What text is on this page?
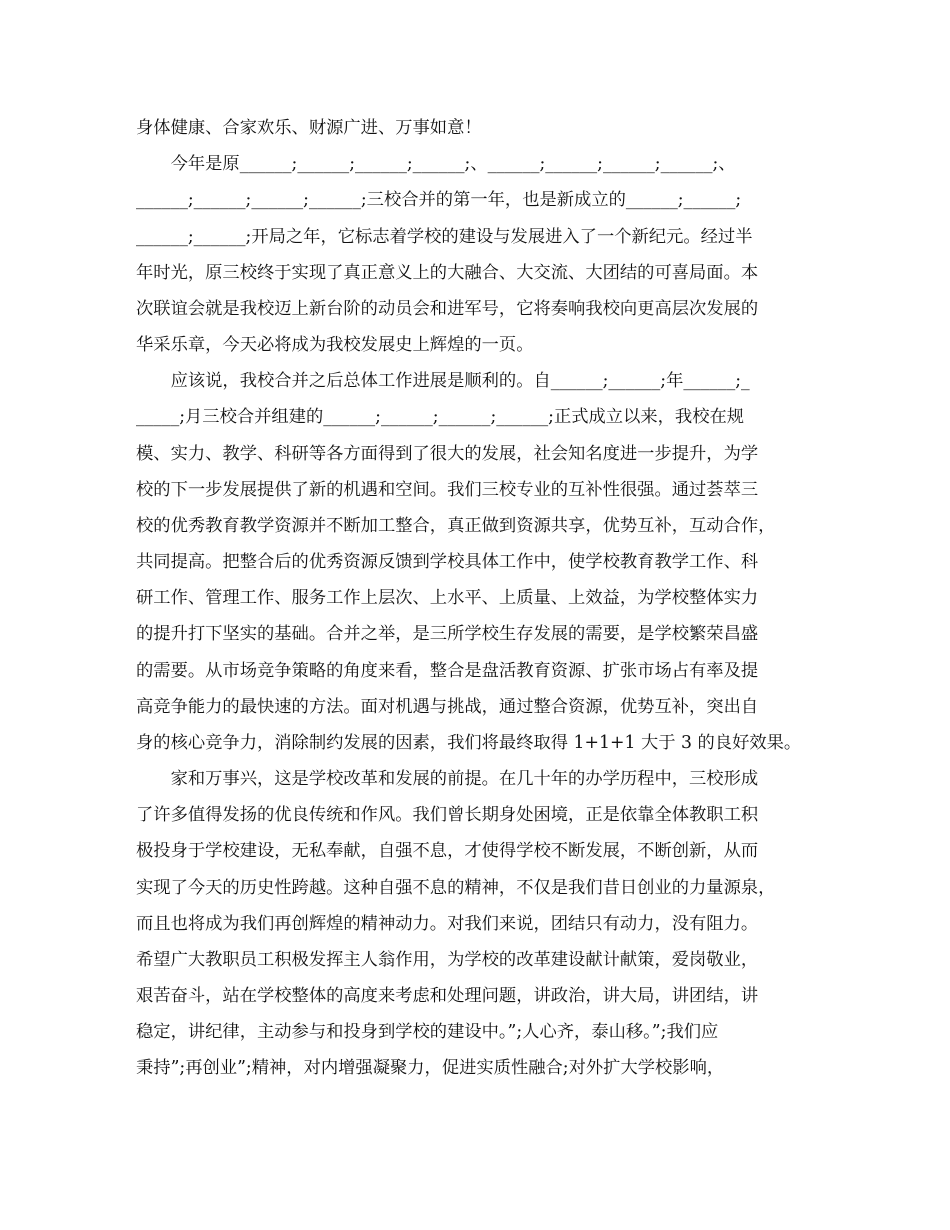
身体健康、合家欢乐、财源广进、万事如意！
　　今年是原______;______;______;______;、______;______;______;______;、
______;______;______;______;三校合并的第一年，也是新成立的______;______;
______;______;开局之年，它标志着学校的建设与发展进入了一个新纪元。经过半
年时光，原三校终于实现了真正意义上的大融合、大交流、大团结的可喜局面。本
次联谊会就是我校迈上新台阶的动员会和进军号，它将奏响我校向更高层次发展的
华采乐章，今天必将成为我校发展史上辉煌的一页。
　　应该说，我校合并之后总体工作进展是顺利的。自______;______;年______;_
_____;月三校合并组建的______;______;______;______;正式成立以来，我校在规
模、实力、教学、科研等各方面得到了很大的发展，社会知名度进一步提升，为学
校的下一步发展提供了新的机遇和空间。我们三校专业的互补性很强。通过荟萃三
校的优秀教育教学资源并不断加工整合，真正做到资源共享，优势互补，互动合作，
共同提高。把整合后的优秀资源反馈到学校具体工作中，使学校教育教学工作、科
研工作、管理工作、服务工作上层次、上水平、上质量、上效益，为学校整体实力
的提升打下坚实的基础。合并之举，是三所学校生存发展的需要，是学校繁荣昌盛
的需要。从市场竞争策略的角度来看，整合是盘活教育资源、扩张市场占有率及提
高竞争能力的最快速的方法。面对机遇与挑战，通过整合资源，优势互补，突出自
身的核心竞争力，消除制约发展的因素，我们将最终取得 1+1+1 大于 3 的良好效果。
　　家和万事兴，这是学校改革和发展的前提。在几十年的办学历程中，三校形成
了许多值得发扬的优良传统和作风。我们曾长期身处困境，正是依靠全体教职工积
极投身于学校建设，无私奉献，自强不息，才使得学校不断发展，不断创新，从而
实现了今天的历史性跨越。这种自强不息的精神，不仅是我们昔日创业的力量源泉，
而且也将成为我们再创辉煌的精神动力。对我们来说，团结只有动力，没有阻力。
希望广大教职员工积极发挥主人翁作用，为学校的改革建设献计献策，爱岗敬业，
艰苦奋斗，站在学校整体的高度来考虑和处理问题，讲政治，讲大局，讲团结，讲
稳定，讲纪律，主动参与和投身到学校的建设中。”;人心齐，泰山移。”;我们应
秉持”;再创业”;精神，对内增强凝聚力，促进实质性融合;对外扩大学校影响，
